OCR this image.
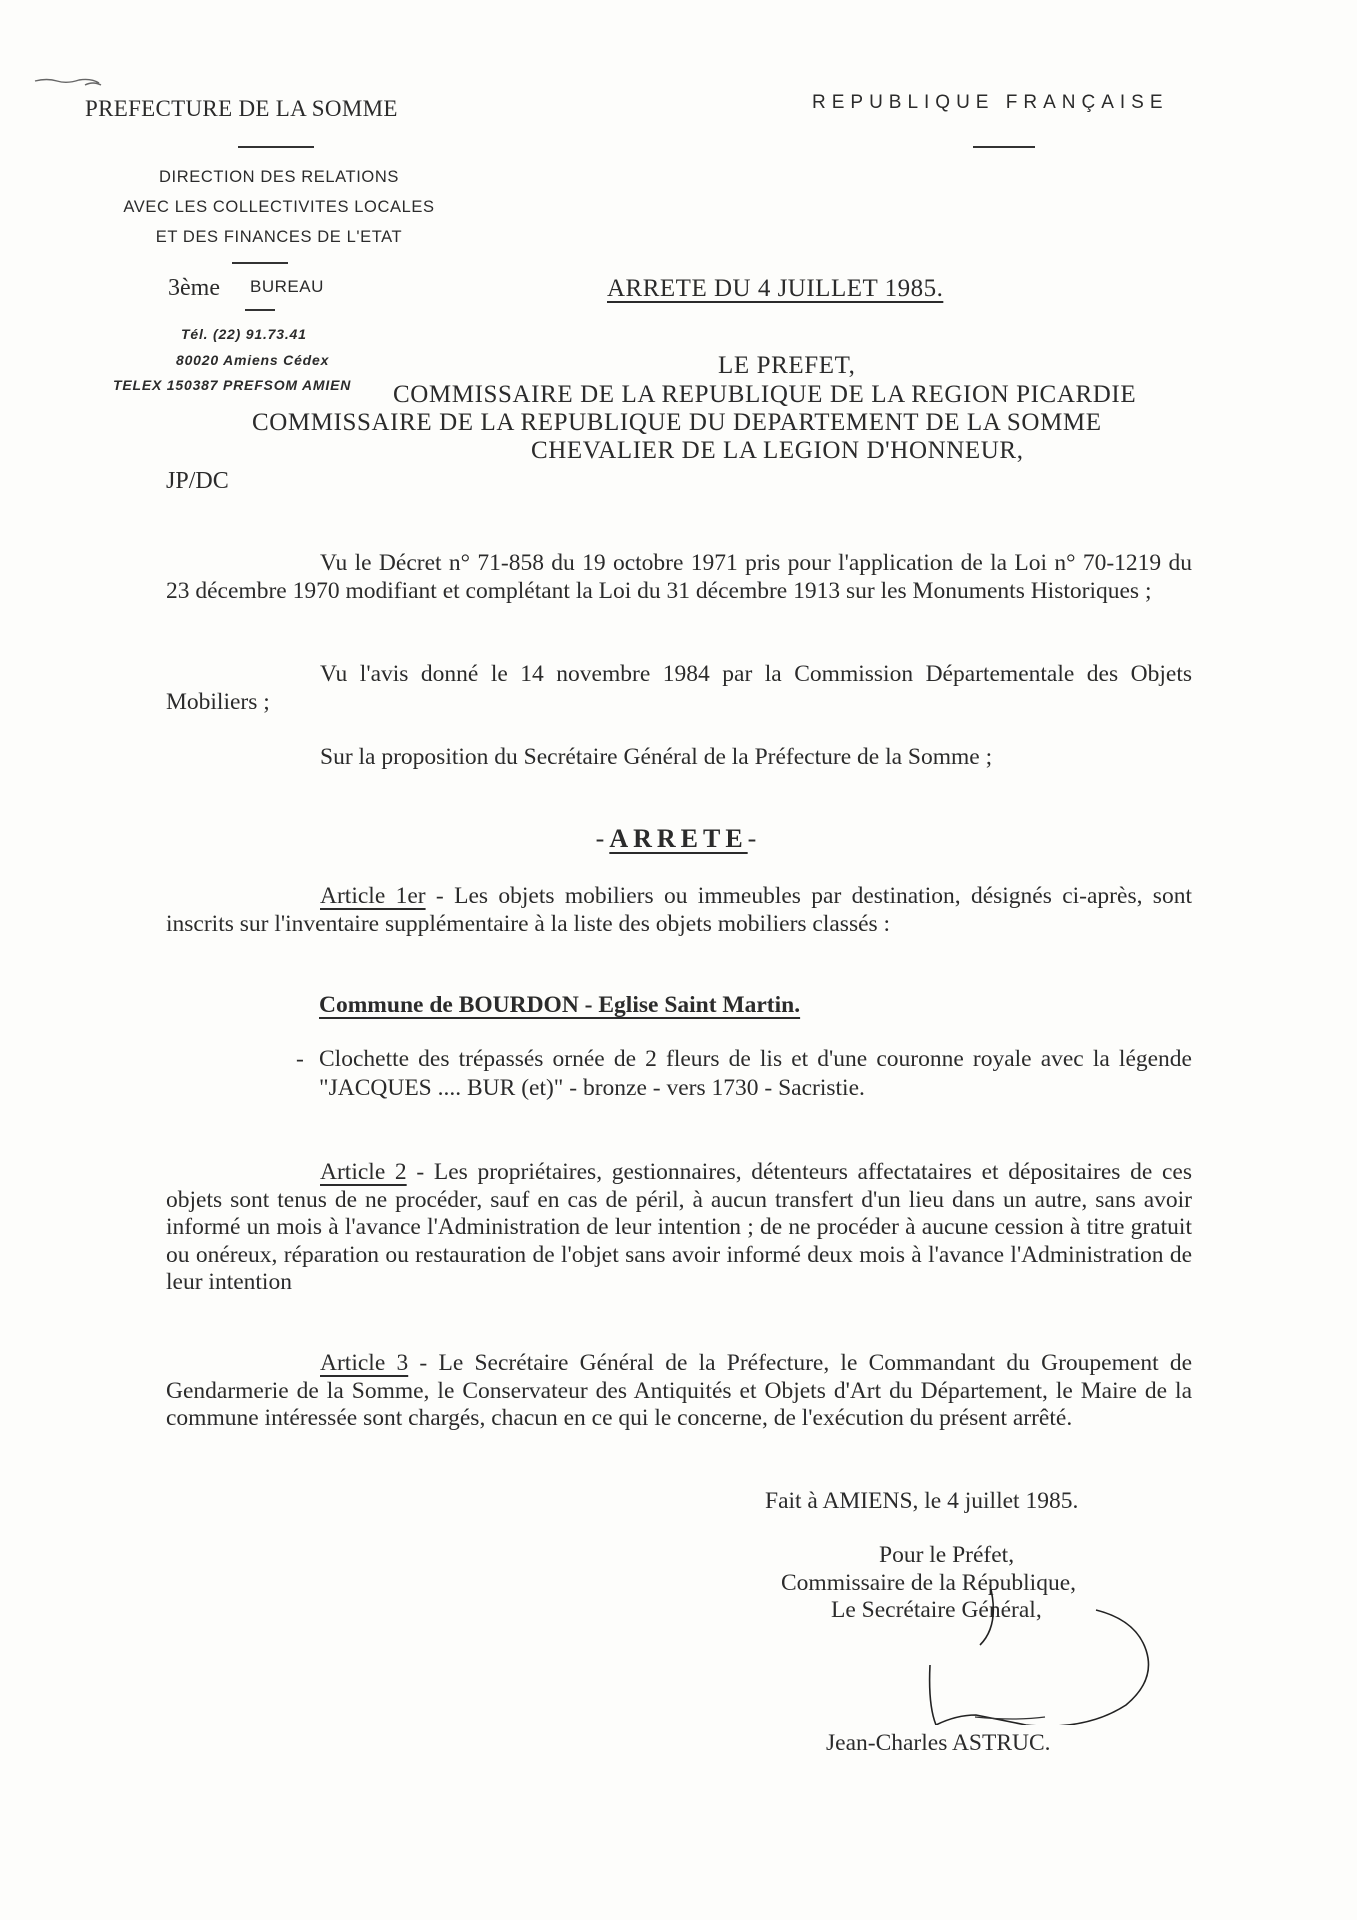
PREFECTURE DE LA SOMME	REPUBLIQUE FRANÇAISE
DIRECTION DES RELATIONS
AVEC LES COLLECTIVITES LOCALES
ET DES FINANCES DE L'ETAT
3ème BUREAU
Tél. (22) 91.73.41
80020 Amiens Cédex
TELEX 150387 PREFSOM AMIEN
ARRETE DU 4 JUILLET 1985.
LE PREFET,
COMMISSAIRE DE LA REPUBLIQUE DE LA REGION PICARDIE
COMMISSAIRE DE LA REPUBLIQUE DU DEPARTEMENT DE LA SOMME
CHEVALIER DE LA LEGION D'HONNEUR,
JP/DC
Vu le Décret n° 71-858 du 19 octobre 1971 pris pour l'application de la Loi n° 70-1219 du 23 décembre 1970 modifiant et complétant la Loi du 31 décembre 1913 sur les Monuments Historiques ;
Vu l'avis donné le 14 novembre 1984 par la Commission Départementale des Objets Mobiliers ;
Sur la proposition du Secrétaire Général de la Préfecture de la Somme ;
-ARRETE-
Article 1er - Les objets mobiliers ou immeubles par destination, désignés ci-après, sont inscrits sur l'inventaire supplémentaire à la liste des objets mobiliers classés :
Commune de BOURDON - Eglise Saint Martin.
- Clochette des trépassés ornée de 2 fleurs de lis et d'une couronne royale avec la légende "JACQUES .... BUR (et)" - bronze - vers 1730 - Sacristie.
Article 2 - Les propriétaires, gestionnaires, détenteurs affectataires et dépositaires de ces objets sont tenus de ne procéder, sauf en cas de péril, à aucun transfert d'un lieu dans un autre, sans avoir informé un mois à l'avance l'Administration de leur intention ; de ne procéder à aucune cession à titre gratuit ou onéreux, réparation ou restauration de l'objet sans avoir informé deux mois à l'avance l'Administration de leur intention
Article 3 - Le Secrétaire Général de la Préfecture, le Commandant du Groupement de Gendarmerie de la Somme, le Conservateur des Antiquités et Objets d'Art du Département, le Maire de la commune intéressée sont chargés, chacun en ce qui le concerne, de l'exécution du présent arrêté.
Fait à AMIENS, le 4 juillet 1985.
Pour le Préfet,
Commissaire de la République,
Le Secrétaire Général,
Jean-Charles ASTRUC.
